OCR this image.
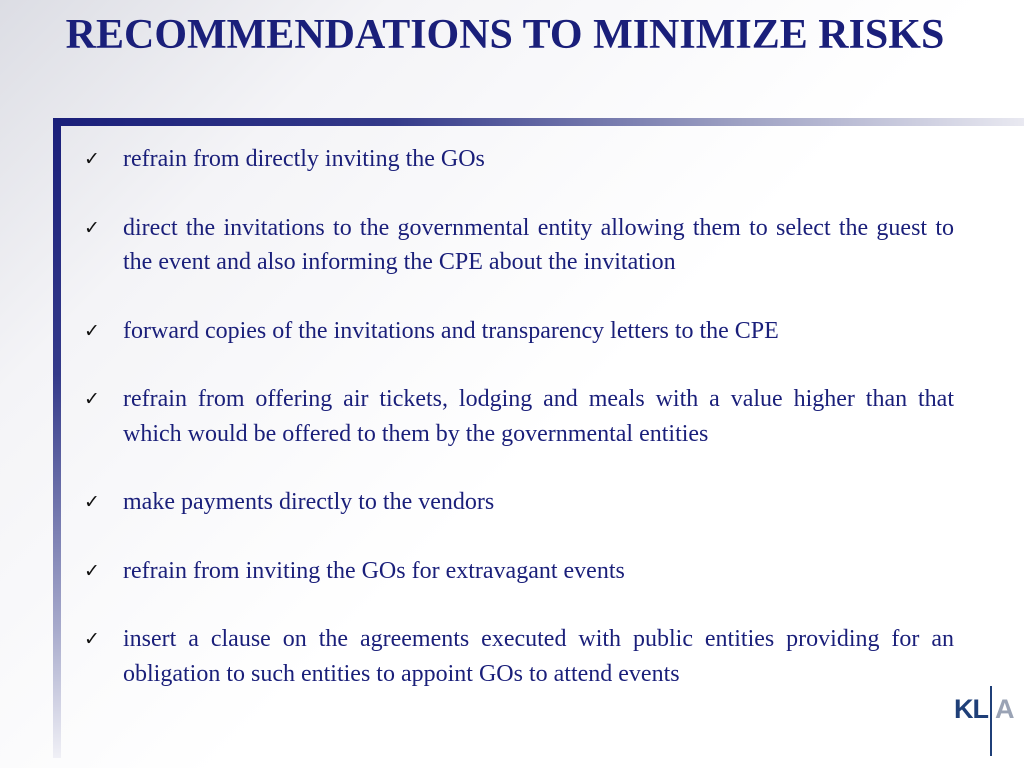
RECOMMENDATIONS TO MINIMIZE RISKS
✓ refrain from directly inviting the GOs
✓ direct the invitations to the governmental entity allowing them to select the guest to the event and also informing the CPE about the invitation
✓ forward copies of the invitations and transparency letters to the CPE
✓ refrain from offering air tickets, lodging and meals with a value higher than that which would be offered to them by the governmental entities
✓ make payments directly to the vendors
✓ refrain from inviting the GOs for extravagant events
✓ insert a clause on the agreements executed with public entities providing for an obligation to such entities to appoint GOs to attend events
KL A
